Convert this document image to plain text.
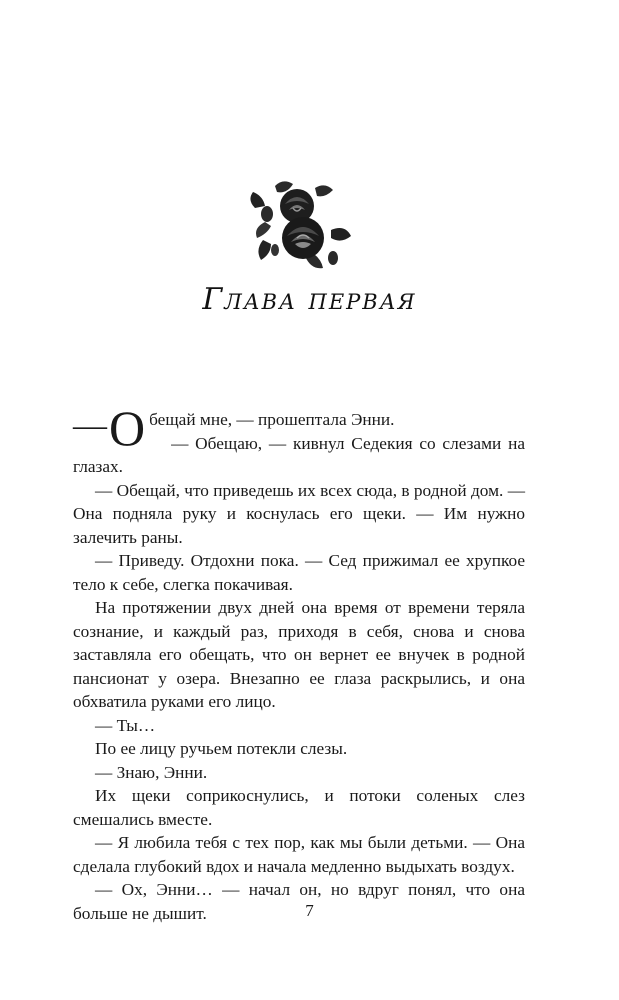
Глава первая

— О бещай мне, — прошептала Энни.

— Обещаю, — кивнул Седекия со слезами на глазах.

— Обещай, что приведешь их всех сюда, в родной дом. — Она подняла руку и коснулась его щеки. — Им нужно залечить раны.

— Приведу. Отдохни пока. — Сед прижимал ее хрупкое тело к себе, слегка покачивая.

На протяжении двух дней она время от времени теряла сознание, и каждый раз, приходя в себя, снова и снова заставляла его обещать, что он вернет ее внучек в родной пансионат у озера. Внезапно ее глаза раскрылись, и она обхватила руками его лицо.

— Ты…

По ее лицу ручьем потекли слезы.

— Знаю, Энни.

Их щеки соприкоснулись, и потоки соленых слез смешались вместе.

— Я любила тебя с тех пор, как мы были детьми. — Она сделала глубокий вдох и начала медленно выдыхать воздух.

— Ох, Энни… — начал он, но вдруг понял, что она больше не дышит.	7
